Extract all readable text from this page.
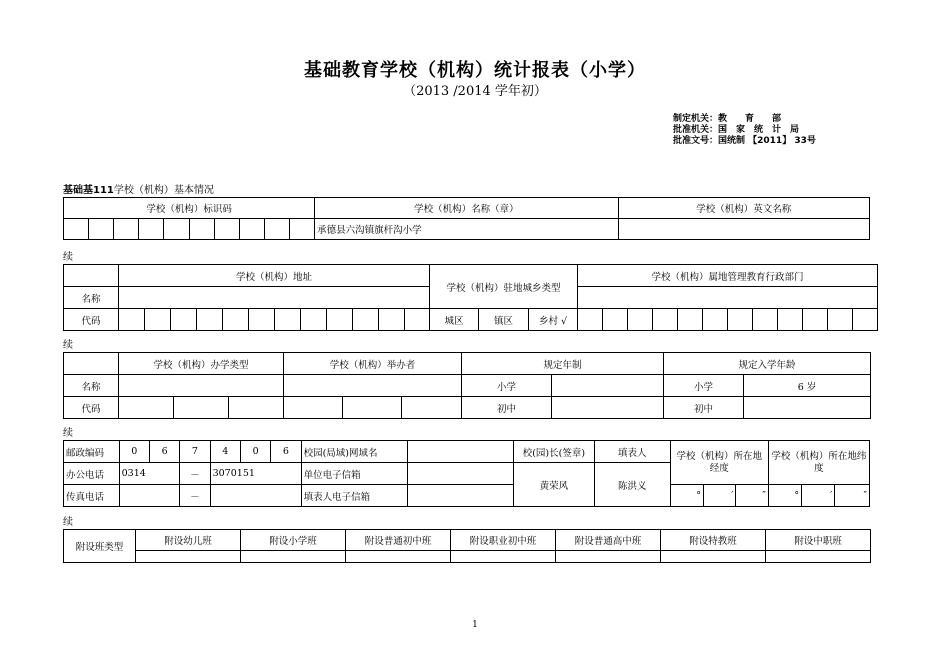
基础教育学校（机构）统计报表（小学）
（2013 /2014 学年初）
制定机关：教　　育　　部
批准机关：国　家　统　计　局
批准文号：国统制 【2011】 33号
基础基111学校（机构）基本情况
学校（机构）标识码										学校（机构）名称（章）	学校（机构）英文名称
										承德县六沟镇旗杆沟小学	
续
	学校（机构）地址												学校（机构）驻地城乡类型			学校（机构）属地管理教育行政部门											
名称																											
代码													城区	镇区	乡村 √												
续
	学校（机构）办学类型			学校（机构）举办者			规定年制		规定入学年龄	
名称							小学		小学	6 岁
代码							初中		初中	
续
邮政编码	0	6	7	4	0	6	校园(局域)网域名		校(园)长(签章)	填表人	学校（机构）所在地经度			学校（机构）所在地纬度		
办公电话	0314		－	3070151			单位电子信箱		黄荣风	陈洪义						
传真电话			－				填表人电子信箱				°	′	″	°	′	″
续
附设班类型	附设幼儿班	附设小学班	附设普通初中班	附设职业初中班	附设普通高中班	附设特教班	附设中职班

1
